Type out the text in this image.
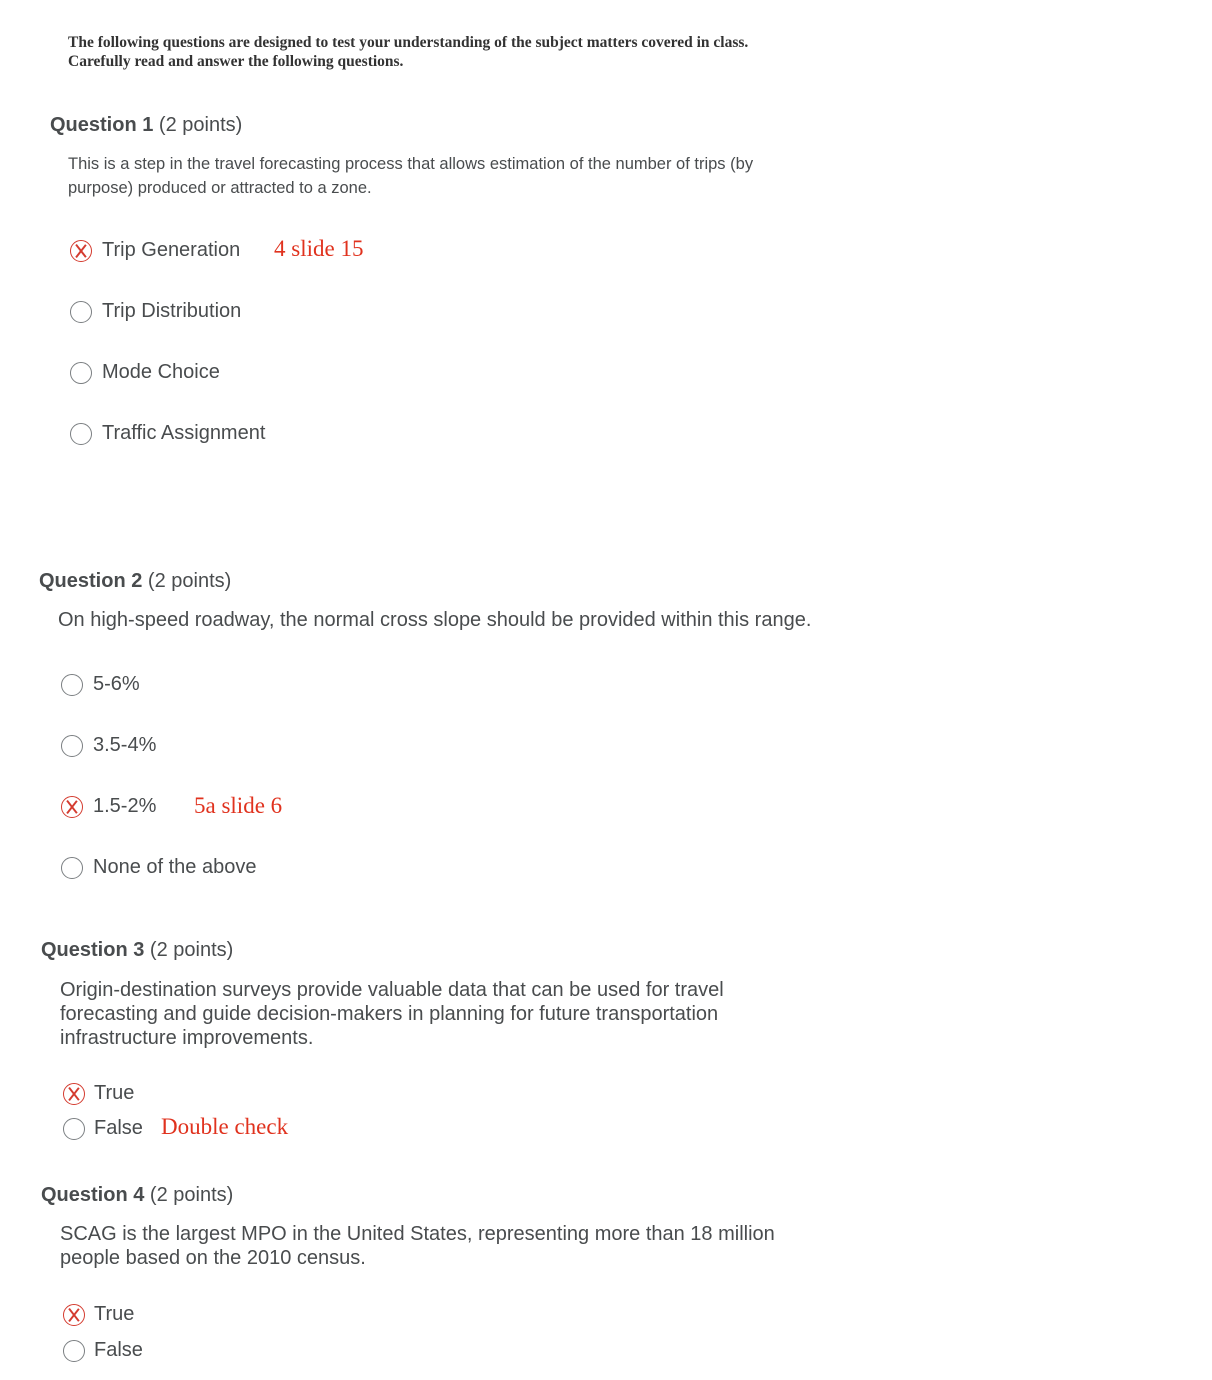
The following questions are designed to test your understanding of the subject matters covered in class. Carefully read and answer the following questions.
Question 1 (2 points)
This is a step in the travel forecasting process that allows estimation of the number of trips (by purpose) produced or attracted to a zone.
Trip Generation 4 slide 15
Trip Distribution
Mode Choice
Traffic Assignment
Question 2 (2 points)
On high-speed roadway, the normal cross slope should be provided within this range.
5-6%
3.5-4%
1.5-2% 5a slide 6
None of the above
Question 3 (2 points)
Origin-destination surveys provide valuable data that can be used for travel forecasting and guide decision-makers in planning for future transportation infrastructure improvements.
True
False Double check
Question 4 (2 points)
SCAG is the largest MPO in the United States, representing more than 18 million people based on the 2010 census.
True
False
